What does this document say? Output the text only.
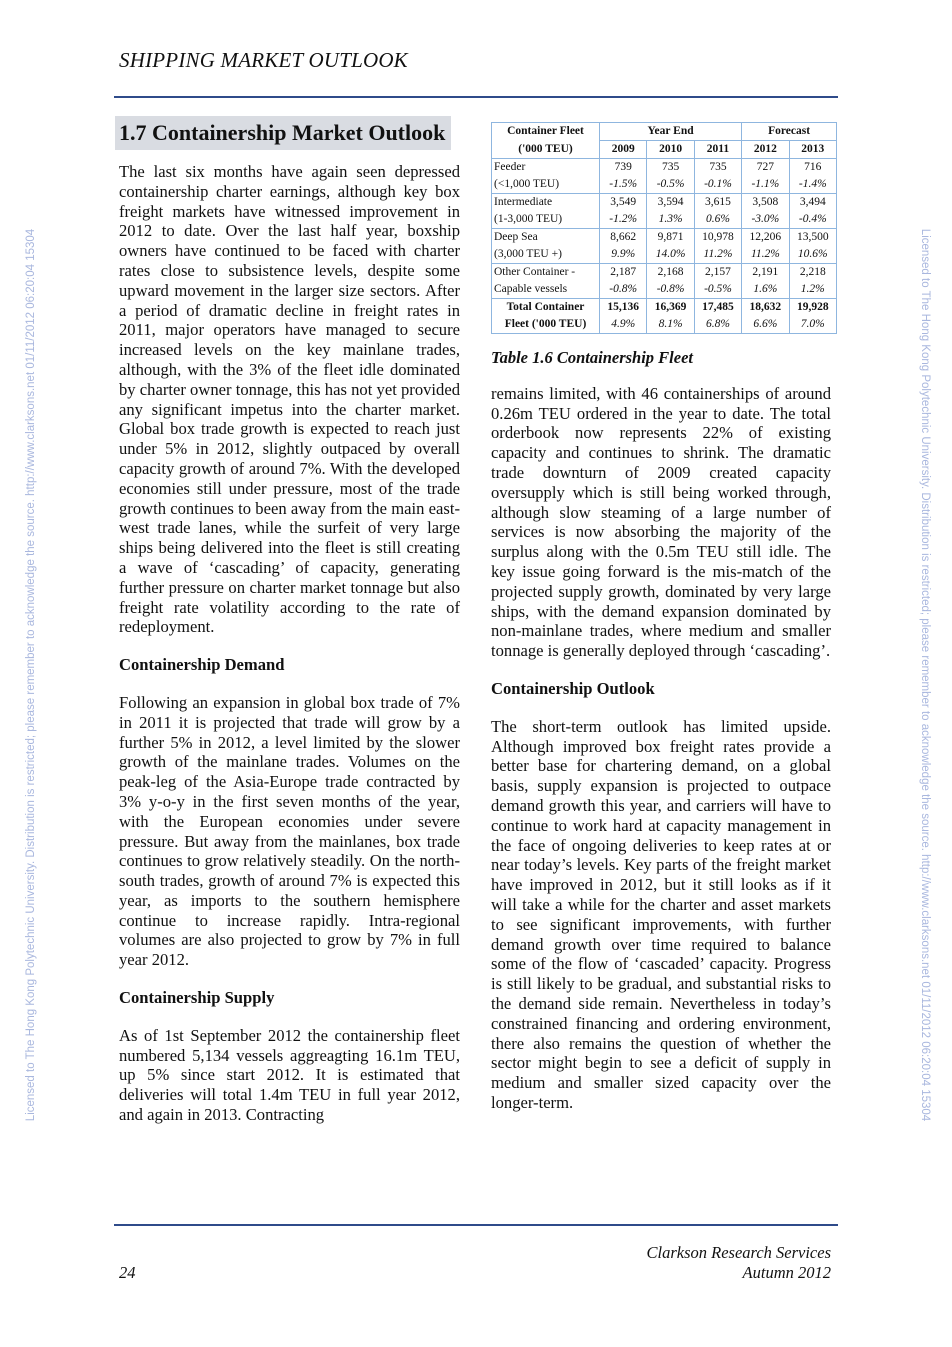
SHIPPING MARKET OUTLOOK
Licensed to The Hong Kong Polytechnic University. Distribution is restricted; please remember to acknowledge the source. http://www.clarksons.net 01/11/2012 06:20:04 15304	Licensed to The Hong Kong Polytechnic University. Distribution is restricted; please remember to acknowledge the source. http://www.clarksons.net 01/11/2012 06:20:04 15304
1.7 Containership Market Outlook

The last six months have again seen depressed containership charter earnings, although key box freight markets have witnessed improvement in 2012 to date. Over the last half year, boxship owners have continued to be faced with charter rates close to subsistence levels, despite some upward movement in the larger size sectors. After a period of dramatic decline in freight rates in 2011, major operators have managed to secure increased levels on the key mainlane trades, although, with the 3% of the fleet idle dominated by charter owner tonnage, this has not yet provided any significant impetus into the charter market. Global box trade growth is expected to reach just under 5% in 2012, slightly outpaced by overall capacity growth of around 7%. With the developed economies still under pressure, most of the trade growth continues to been away from the main east-west trade lanes, while the surfeit of very large ships being delivered into the fleet is still creating a wave of ‘cascading’ of capacity, generating further pressure on charter market tonnage but also freight rate volatility according to the rate of redeployment.

Containership Demand

Following an expansion in global box trade of 7% in 2011 it is projected that trade will grow by a further 5% in 2012, a level limited by the slower growth of the mainlane trades. Volumes on the peak-leg of the Asia-Europe trade contracted by 3% y-o-y in the first seven months of the year, with the European economies under severe pressure. But away from the mainlanes, box trade continues to grow relatively steadily. On the north-south trades, growth of around 7% is expected this year, as imports to the southern hemisphere continue to increase rapidly. Intra-regional volumes are also projected to grow by 7% in full year 2012.

Containership Supply

As of 1st September 2012 the containership fleet numbered 5,134 vessels aggreagting 16.1m TEU, up 5% since start 2012. It is estimated that deliveries will total 1.4m TEU in full year 2012, and again in 2013. Contracting

Container Fleet	Year End			Forecast	
('000 TEU)	2009	2010	2011	2012	2013
Feeder	739	735	735	727	716
(<1,000 TEU)	-1.5%	-0.5%	-0.1%	-1.1%	-1.4%
Intermediate	3,549	3,594	3,615	3,508	3,494
(1-3,000 TEU)	-1.2%	1.3%	0.6%	-3.0%	-0.4%
Deep Sea	8,662	9,871	10,978	12,206	13,500
(3,000 TEU +)	9.9%	14.0%	11.2%	11.2%	10.6%
Other Container -	2,187	2,168	2,157	2,191	2,218
Capable vessels	-0.8%	-0.8%	-0.5%	1.6%	1.2%
Total Container	15,136	16,369	17,485	18,632	19,928
Fleet ('000 TEU)	4.9%	8.1%	6.8%	6.6%	7.0%
Table 1.6 Containership Fleet

remains limited, with 46 containerships of around 0.26m TEU ordered in the year to date. The total orderbook now represents 22% of existing capacity and continues to shrink. The dramatic trade downturn of 2009 created capacity oversupply which is still being worked through, although slow steaming of a large number of services is now absorbing the majority of the surplus along with the 0.5m TEU still idle. The key issue going forward is the mis-match of the projected supply growth, dominated by very large ships, with the demand expansion dominated by non-mainlane trades, where medium and smaller tonnage is generally deployed through ‘cascading’.

Containership Outlook

The short-term outlook has limited upside. Although improved box freight rates provide a better base for chartering demand, on a global basis, supply expansion is projected to outpace demand growth this year, and carriers will have to continue to work hard at capacity management in the face of ongoing deliveries to keep rates at or near today’s levels. Key parts of the freight market have improved in 2012, but it still looks as if it will take a while for the charter and asset markets to see significant improvements, with further demand growth over time required to balance some of the flow of ‘cascaded’ capacity. Progress is still likely to be gradual, and substantial risks to the demand side remain. Nevertheless in today’s constrained financing and ordering environment, there also remains the question of whether the sector might begin to see a deficit of supply in medium and smaller sized capacity over the longer-term.

24
Clarkson Research Services
Autumn 2012
